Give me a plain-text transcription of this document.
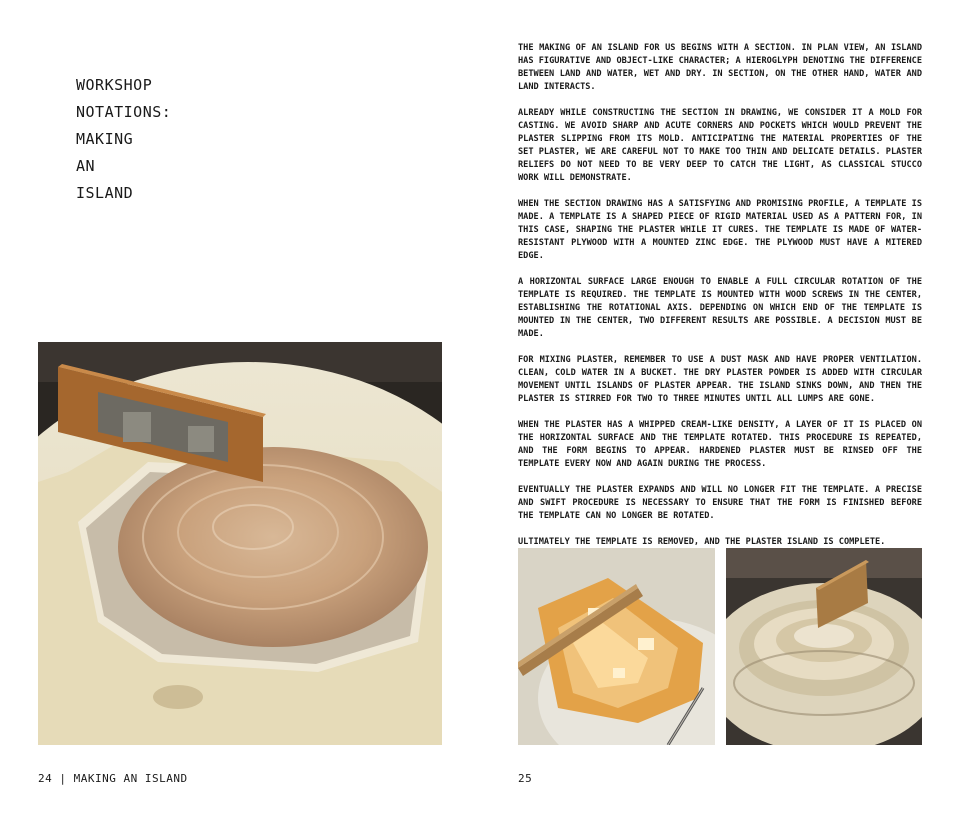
WORKSHOP
NOTATIONS:
MAKING
AN
ISLAND
24 | MAKING AN ISLAND

THE MAKING OF AN ISLAND FOR US BEGINS WITH A SECTION. IN PLAN VIEW, AN ISLAND HAS FIGURATIVE AND OBJECT-LIKE CHARACTER; A HIEROGLYPH DENOTING THE DIFFERENCE BETWEEN LAND AND WATER, WET AND DRY. IN SECTION, ON THE OTHER HAND, WATER AND LAND INTERACTS.

ALREADY WHILE CONSTRUCTING THE SECTION IN DRAWING, WE CONSIDER IT A MOLD FOR CASTING. WE AVOID SHARP AND ACUTE CORNERS AND POCKETS WHICH WOULD PREVENT THE PLASTER SLIPPING FROM ITS MOLD. ANTICIPATING THE MATERIAL PROPERTIES OF THE SET PLASTER, WE ARE CAREFUL NOT TO MAKE TOO THIN AND DELICATE DETAILS. PLASTER RELIEFS DO NOT NEED TO BE VERY DEEP TO CATCH THE LIGHT, AS CLASSICAL STUCCO WORK WILL DEMONSTRATE.

WHEN THE SECTION DRAWING HAS A SATISFYING AND PROMISING PROFILE, A TEMPLATE IS MADE. A TEMPLATE IS A SHAPED PIECE OF RIGID MATERIAL USED AS A PATTERN FOR, IN THIS CASE, SHAPING THE PLASTER WHILE IT CURES. THE TEMPLATE IS MADE OF WATER-RESISTANT PLYWOOD WITH A MOUNTED ZINC EDGE. THE PLYWOOD MUST HAVE A MITERED EDGE.

A HORIZONTAL SURFACE LARGE ENOUGH TO ENABLE A FULL CIRCULAR ROTATION OF THE TEMPLATE IS REQUIRED. THE TEMPLATE IS MOUNTED WITH WOOD SCREWS IN THE CENTER, ESTABLISHING THE ROTATIONAL AXIS. DEPENDING ON WHICH END OF THE TEMPLATE IS MOUNTED IN THE CENTER, TWO DIFFERENT RESULTS ARE POSSIBLE. A DECISION MUST BE MADE.

FOR MIXING PLASTER, REMEMBER TO USE A DUST MASK AND HAVE PROPER VENTILATION. CLEAN, COLD WATER IN A BUCKET. THE DRY PLASTER POWDER IS ADDED WITH CIRCULAR MOVEMENT UNTIL ISLANDS OF PLASTER APPEAR. THE ISLAND SINKS DOWN, AND THEN THE PLASTER IS STIRRED FOR TWO TO THREE MINUTES UNTIL ALL LUMPS ARE GONE.

WHEN THE PLASTER HAS A WHIPPED CREAM-LIKE DENSITY, A LAYER OF IT IS PLACED ON THE HORIZONTAL SURFACE AND THE TEMPLATE ROTATED. THIS PROCEDURE IS REPEATED, AND THE FORM BEGINS TO APPEAR. HARDENED PLASTER MUST BE RINSED OFF THE TEMPLATE EVERY NOW AND AGAIN DURING THE PROCESS.

EVENTUALLY THE PLASTER EXPANDS AND WILL NO LONGER FIT THE TEMPLATE. A PRECISE AND SWIFT PROCEDURE IS NECESSARY TO ENSURE THAT THE FORM IS FINISHED BEFORE THE TEMPLATE CAN NO LONGER BE ROTATED.

ULTIMATELY THE TEMPLATE IS REMOVED, AND THE PLASTER ISLAND IS COMPLETE.

25
